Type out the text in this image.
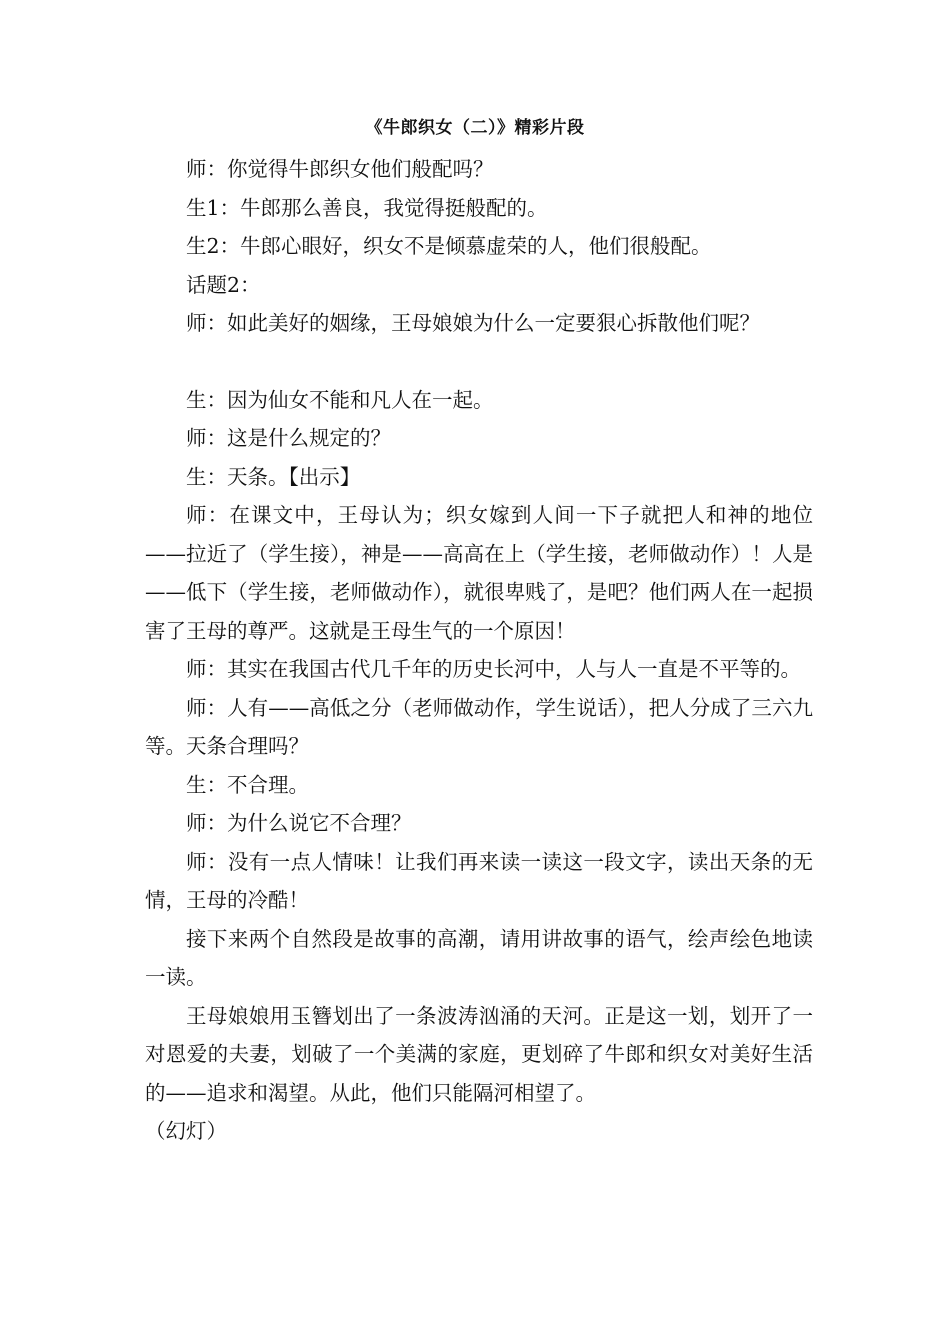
《牛郎织女（二）》精彩片段

师：你觉得牛郎织女他们般配吗？

生1：牛郎那么善良，我觉得挺般配的。

生2：牛郎心眼好，织女不是倾慕虚荣的人，他们很般配。

话题2：

师：如此美好的姻缘，王母娘娘为什么一定要狠心拆散他们呢？

生：因为仙女不能和凡人在一起。

师：这是什么规定的？

生：天条。【出示】

师：在课文中，王母认为；织女嫁到人间一下子就把人和神的地位——拉近了（学生接），神是——高高在上（学生接，老师做动作）！人是——低下（学生接，老师做动作），就很卑贱了，是吧？他们两人在一起损害了王母的尊严。这就是王母生气的一个原因！

师：其实在我国古代几千年的历史长河中，人与人一直是不平等的。

师：人有——高低之分（老师做动作，学生说话），把人分成了三六九等。天条合理吗？

生：不合理。

师：为什么说它不合理？

师：没有一点人情味！让我们再来读一读这一段文字，读出天条的无情，王母的冷酷！

接下来两个自然段是故事的高潮，请用讲故事的语气，绘声绘色地读一读。

王母娘娘用玉簪划出了一条波涛汹涌的天河。正是这一划，划开了一对恩爱的夫妻，划破了一个美满的家庭，更划碎了牛郎和织女对美好生活的——追求和渴望。从此，他们只能隔河相望了。

（幻灯）
